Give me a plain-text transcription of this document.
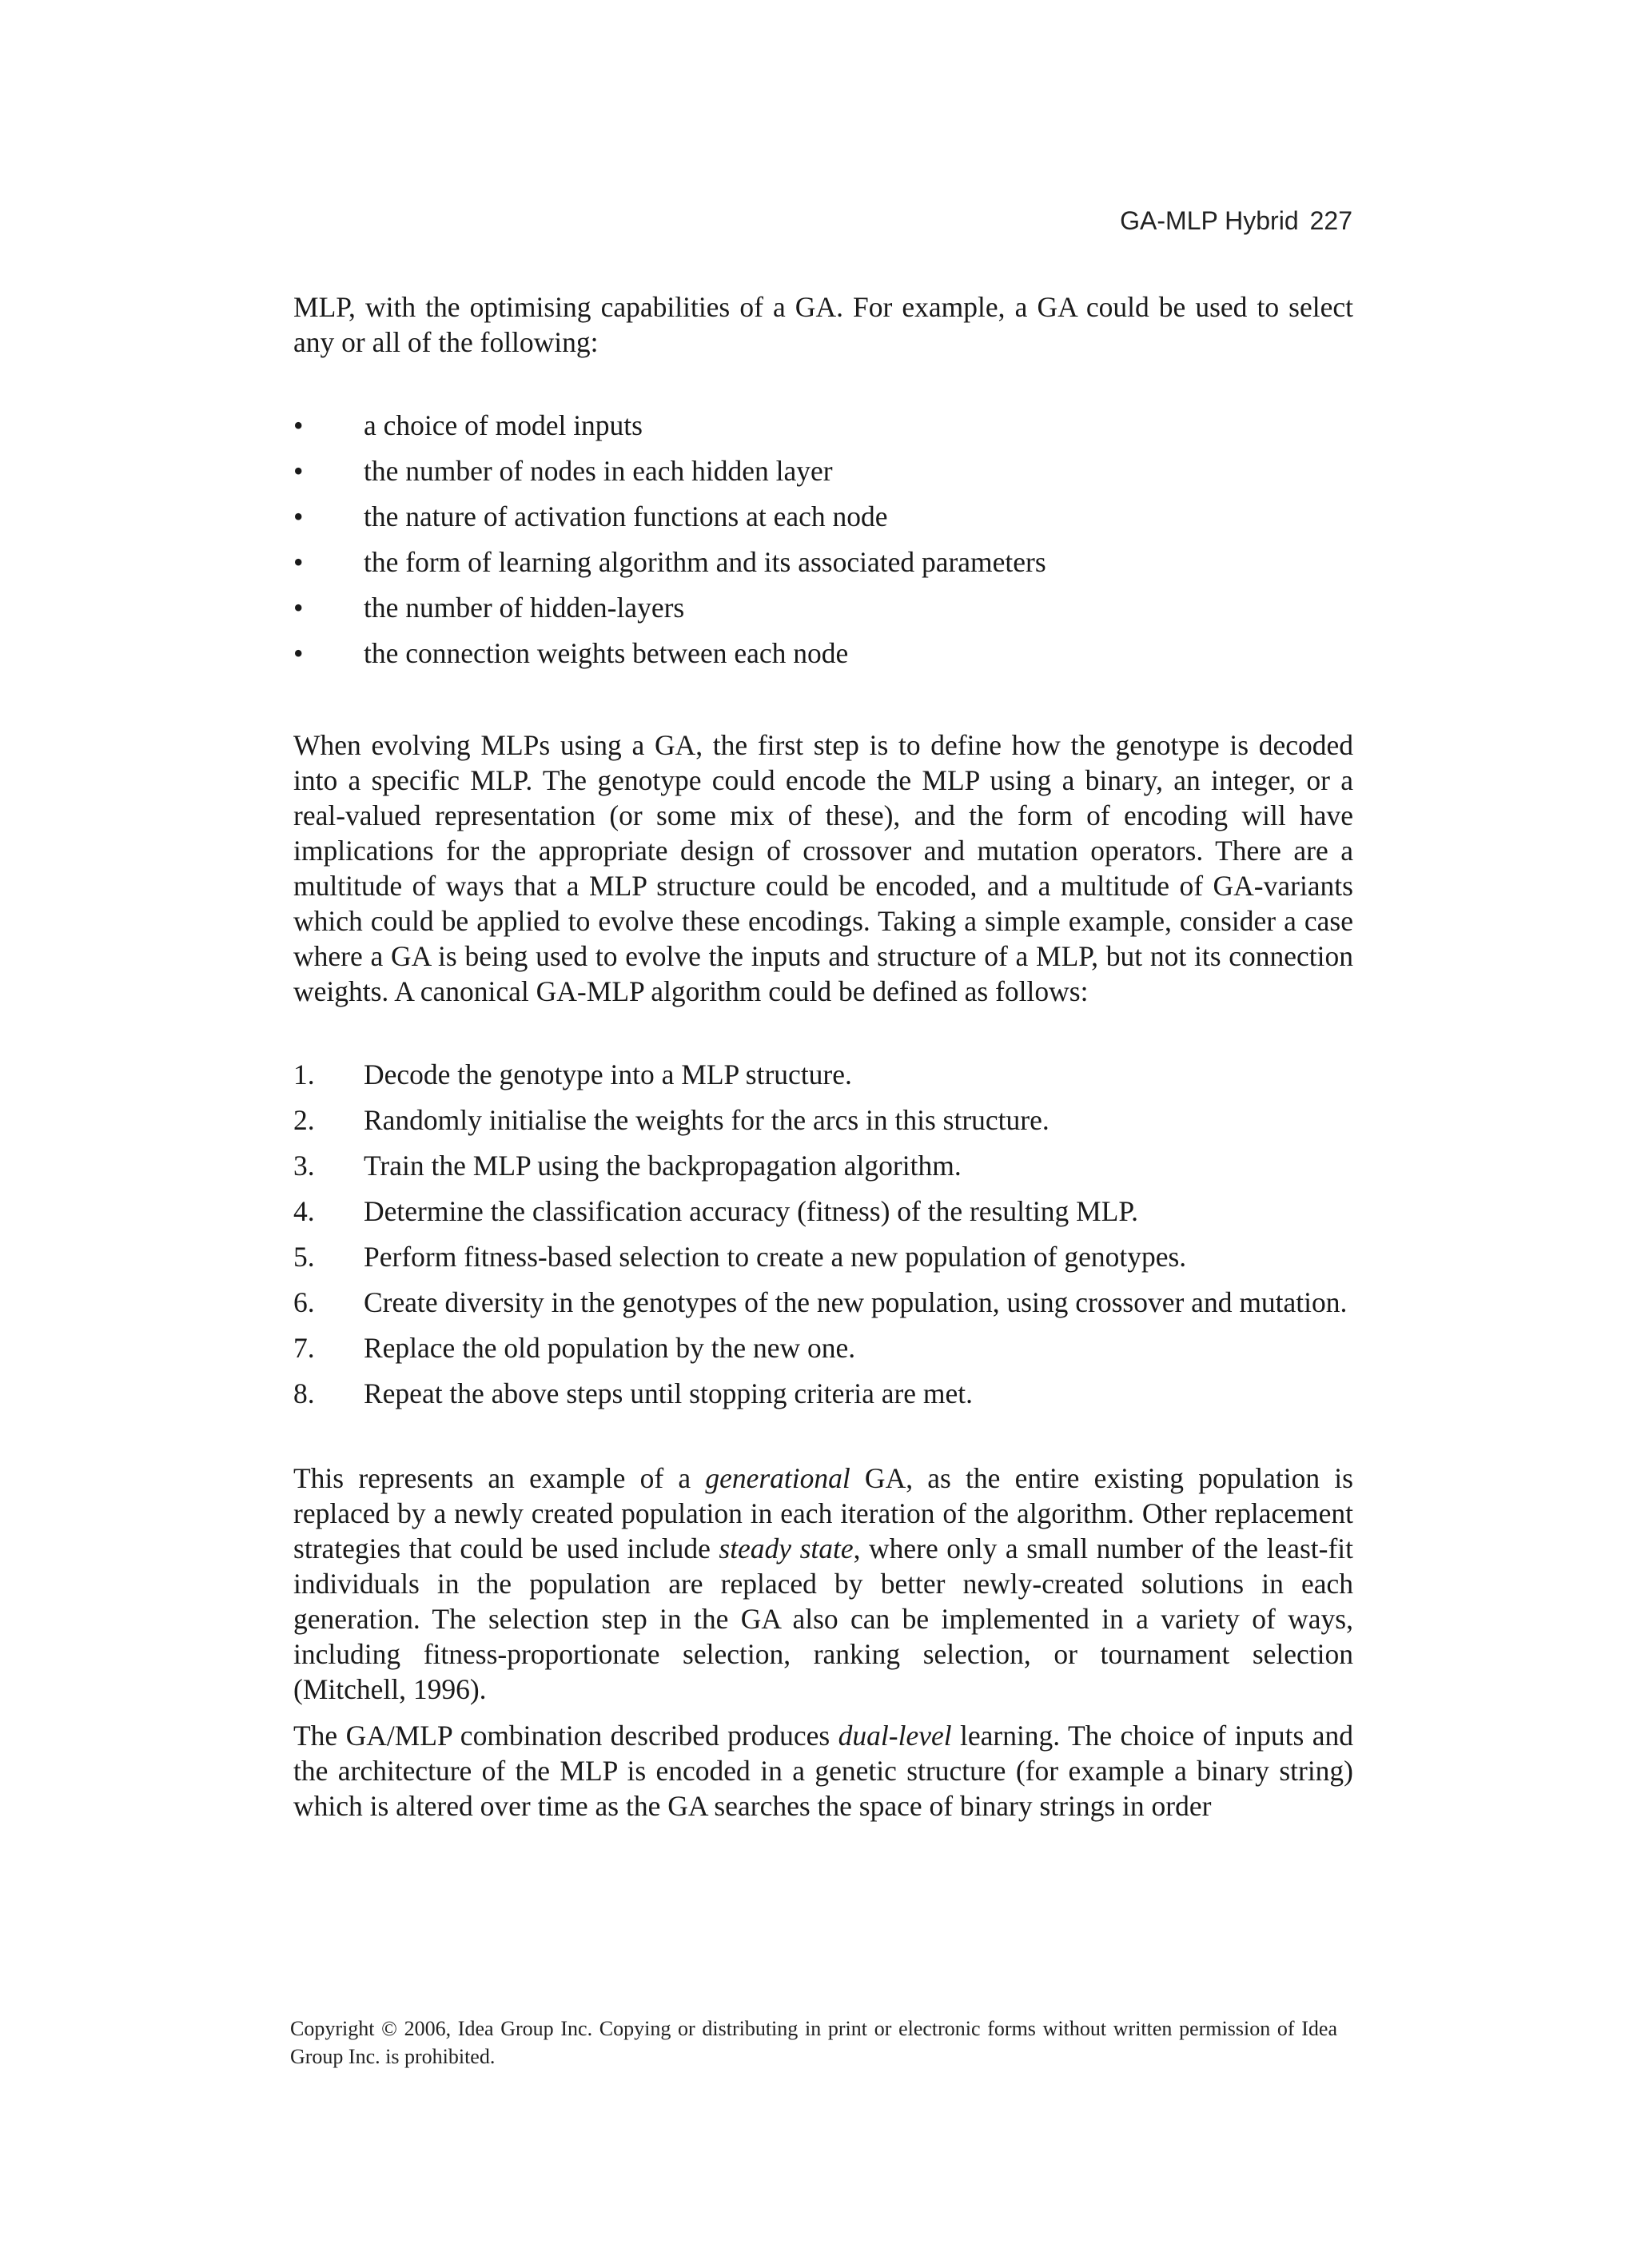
GA-MLP Hybrid 227

MLP, with the optimising capabilities of a GA. For example, a GA could be used to select any or all of the following:

• a choice of model inputs
• the number of nodes in each hidden layer
• the nature of activation functions at each node
• the form of learning algorithm and its associated parameters
• the number of hidden-layers
• the connection weights between each node

When evolving MLPs using a GA, the first step is to define how the genotype is decoded into a specific MLP. The genotype could encode the MLP using a binary, an integer, or a real-valued representation (or some mix of these), and the form of encoding will have implications for the appropriate design of crossover and mutation operators. There are a multitude of ways that a MLP structure could be encoded, and a multitude of GA-variants which could be applied to evolve these encodings. Taking a simple example, consider a case where a GA is being used to evolve the inputs and structure of a MLP, but not its connection weights. A canonical GA-MLP algorithm could be defined as follows:

1. Decode the genotype into a MLP structure.
2. Randomly initialise the weights for the arcs in this structure.
3. Train the MLP using the backpropagation algorithm.
4. Determine the classification accuracy (fitness) of the resulting MLP.
5. Perform fitness-based selection to create a new population of genotypes.
6. Create diversity in the genotypes of the new population, using crossover and mutation.
7. Replace the old population by the new one.
8. Repeat the above steps until stopping criteria are met.

This represents an example of a generational GA, as the entire existing population is replaced by a newly created population in each iteration of the algorithm. Other replacement strategies that could be used include steady state, where only a small number of the least-fit individuals in the population are replaced by better newly-created solutions in each generation. The selection step in the GA also can be implemented in a variety of ways, including fitness-proportionate selection, ranking selection, or tournament selection (Mitchell, 1996).

The GA/MLP combination described produces dual-level learning. The choice of inputs and the architecture of the MLP is encoded in a genetic structure (for example a binary string) which is altered over time as the GA searches the space of binary strings in order

Copyright © 2006, Idea Group Inc. Copying or distributing in print or electronic forms without written permission of Idea Group Inc. is prohibited.
